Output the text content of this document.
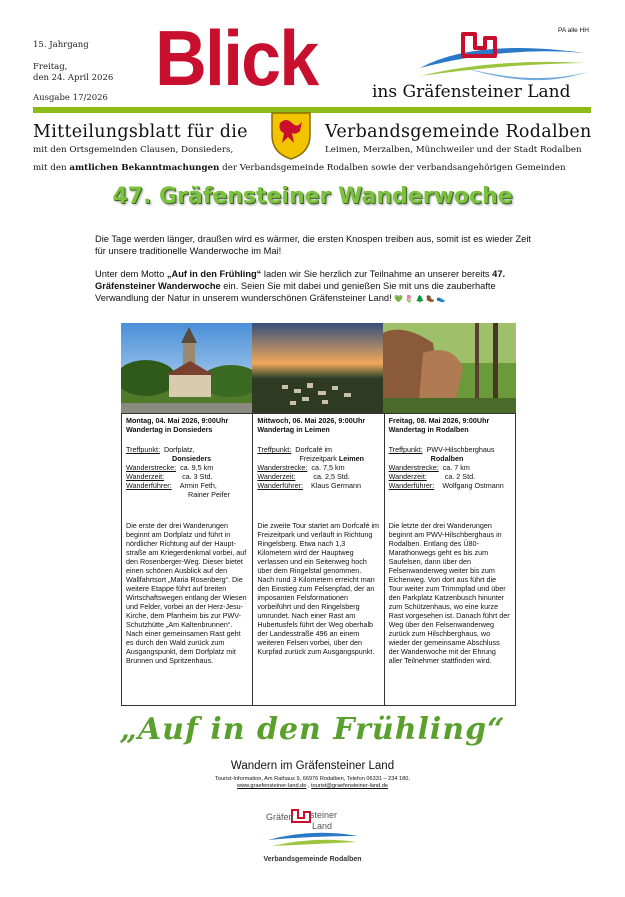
15. Jahrgang
Freitag,
den 24. April 2026
Ausgabe 17/2026 Blick	ins Gräfensteiner Land
PA alle HH
Mitteilungsblatt für die	Verbandsgemeinde Rodalben
mit den Ortsgemeinden Clausen, Donsieders,	Leimen, Merzalben, Münchweiler und der Stadt Rodalben
mit den amtlichen Bekanntmachungen der Verbandsgemeinde Rodalben sowie der verbandsangehörigen Gemeinden
47. Gräfensteiner Wanderwoche
Die Tage werden länger, draußen wird es wärmer, die ersten Knospen treiben aus, somit ist es wieder Zeit für unsere traditionelle Wanderwoche im Mai!
Unter dem Motto „Auf in den Frühling“ laden wir Sie herzlich zur Teilnahme an unserer bereits 47. Gräfensteiner Wanderwoche ein. Seien Sie mit dabei und genießen Sie mit uns die zauberhafte Verwandlung der Natur in unserem wunderschönen Gräfensteiner Land! 💚 🌷 🌲 🥾 👟
Montag, 04. Mai 2026, 9:00Uhr
Wandertag in Donsieders
Treffpunkt: Dorfplatz,
Donsieders
Wanderstrecke: ca. 9,5 km
Wanderzeit:	ca. 3 Std.
Wanderführer:	Armin Feth,
Rainer Peifer
Die erste der drei Wanderungen beginnt am Dorfplatz und führt in nördlicher Richtung auf der Haupt-straße am Kriegerdenkmal vorbei, auf den Rosenberger-Weg. Dieser bietet einen schönen Ausblick auf den Wallfahrtsort „Maria Rosenberg“. Die weitere Etappe führt auf breiten Wirtschaftswegen entlang der Wiesen und Felder, vorbei an der Herz-Jesu-Kirche, dem Pfarrheim bis zur PWV-Schutzhütte „Am Kaltenbrunnen“. Nach einer gemeinsamen Rast geht es durch den Wald zurück zum Ausgangspunkt, dem Dorfplatz mit Brunnen und Spritzenhaus.

Mittwoch, 06. Mai 2026, 9:00Uhr
Wandertag in Leimen
Treffpunkt: Dorfcafé im
Freizeitpark Leimen
Wanderstrecke: ca. 7,5 km
Wanderzeit:	ca. 2,5 Std.
Wanderführer:	Klaus Germann
Die zweite Tour startet am Dorfcafé im Freizeitpark und verläuft in Richtung Ringelsberg. Etwa nach 1,3 Kilometern wird der Hauptweg verlassen und ein Seitenweg hoch über dem Ringelstal genommen. Nach rund 3 Kilometern erreicht man den Einstieg zum Felsenpfad, der an imposanten Felsformationen vorbeiführt und den Ringelsberg umrundet. Nach einer Rast am Hubertusfels führt der Weg oberhalb der Landesstraße 496 an einem weiteren Felsen vorbei, über den Kurpfad zurück zum Ausgangspunkt.

Freitag, 08. Mai 2026, 9:00Uhr
Wandertag in Rodalben
Treffpunkt: PWV-Hilschberghaus
Rodalben
Wanderstrecke: ca. 7 km
Wanderzeit:	ca. 2 Std.
Wanderführer:	Wolfgang Ostmann
Die letzte der drei Wanderungen beginnt am PWV-Hilschberghaus in Rodalben. Entlang des Ü80-Marathonwegs geht es bis zum Saufelsen, dann über den Felsenwanderweg weiter bis zum Eichenweg. Von dort aus führt die Tour weiter zum Trimmpfad und über den Parkplatz Katzenbusch hinunter zum Schützenhaus, wo eine kurze Rast vorgesehen ist. Danach führt der Weg über den Felsenwanderweg zurück zum Hilschberghaus, wo wieder der gemeinsame Abschluss der Wanderwoche mit der Ehrung aller Teilnehmer stattfinden wird.
„Auf in den Frühling“
Wandern im Gräfensteiner Land
Tourist-Information, Am Rathaus 9, 66976 Rodalben, Telefon 06331 – 234 180,
www.graefensteiner-land.de , tourist@graefensteiner-land.de
Gräfen steiner
Land
Verbandsgemeinde Rodalben
